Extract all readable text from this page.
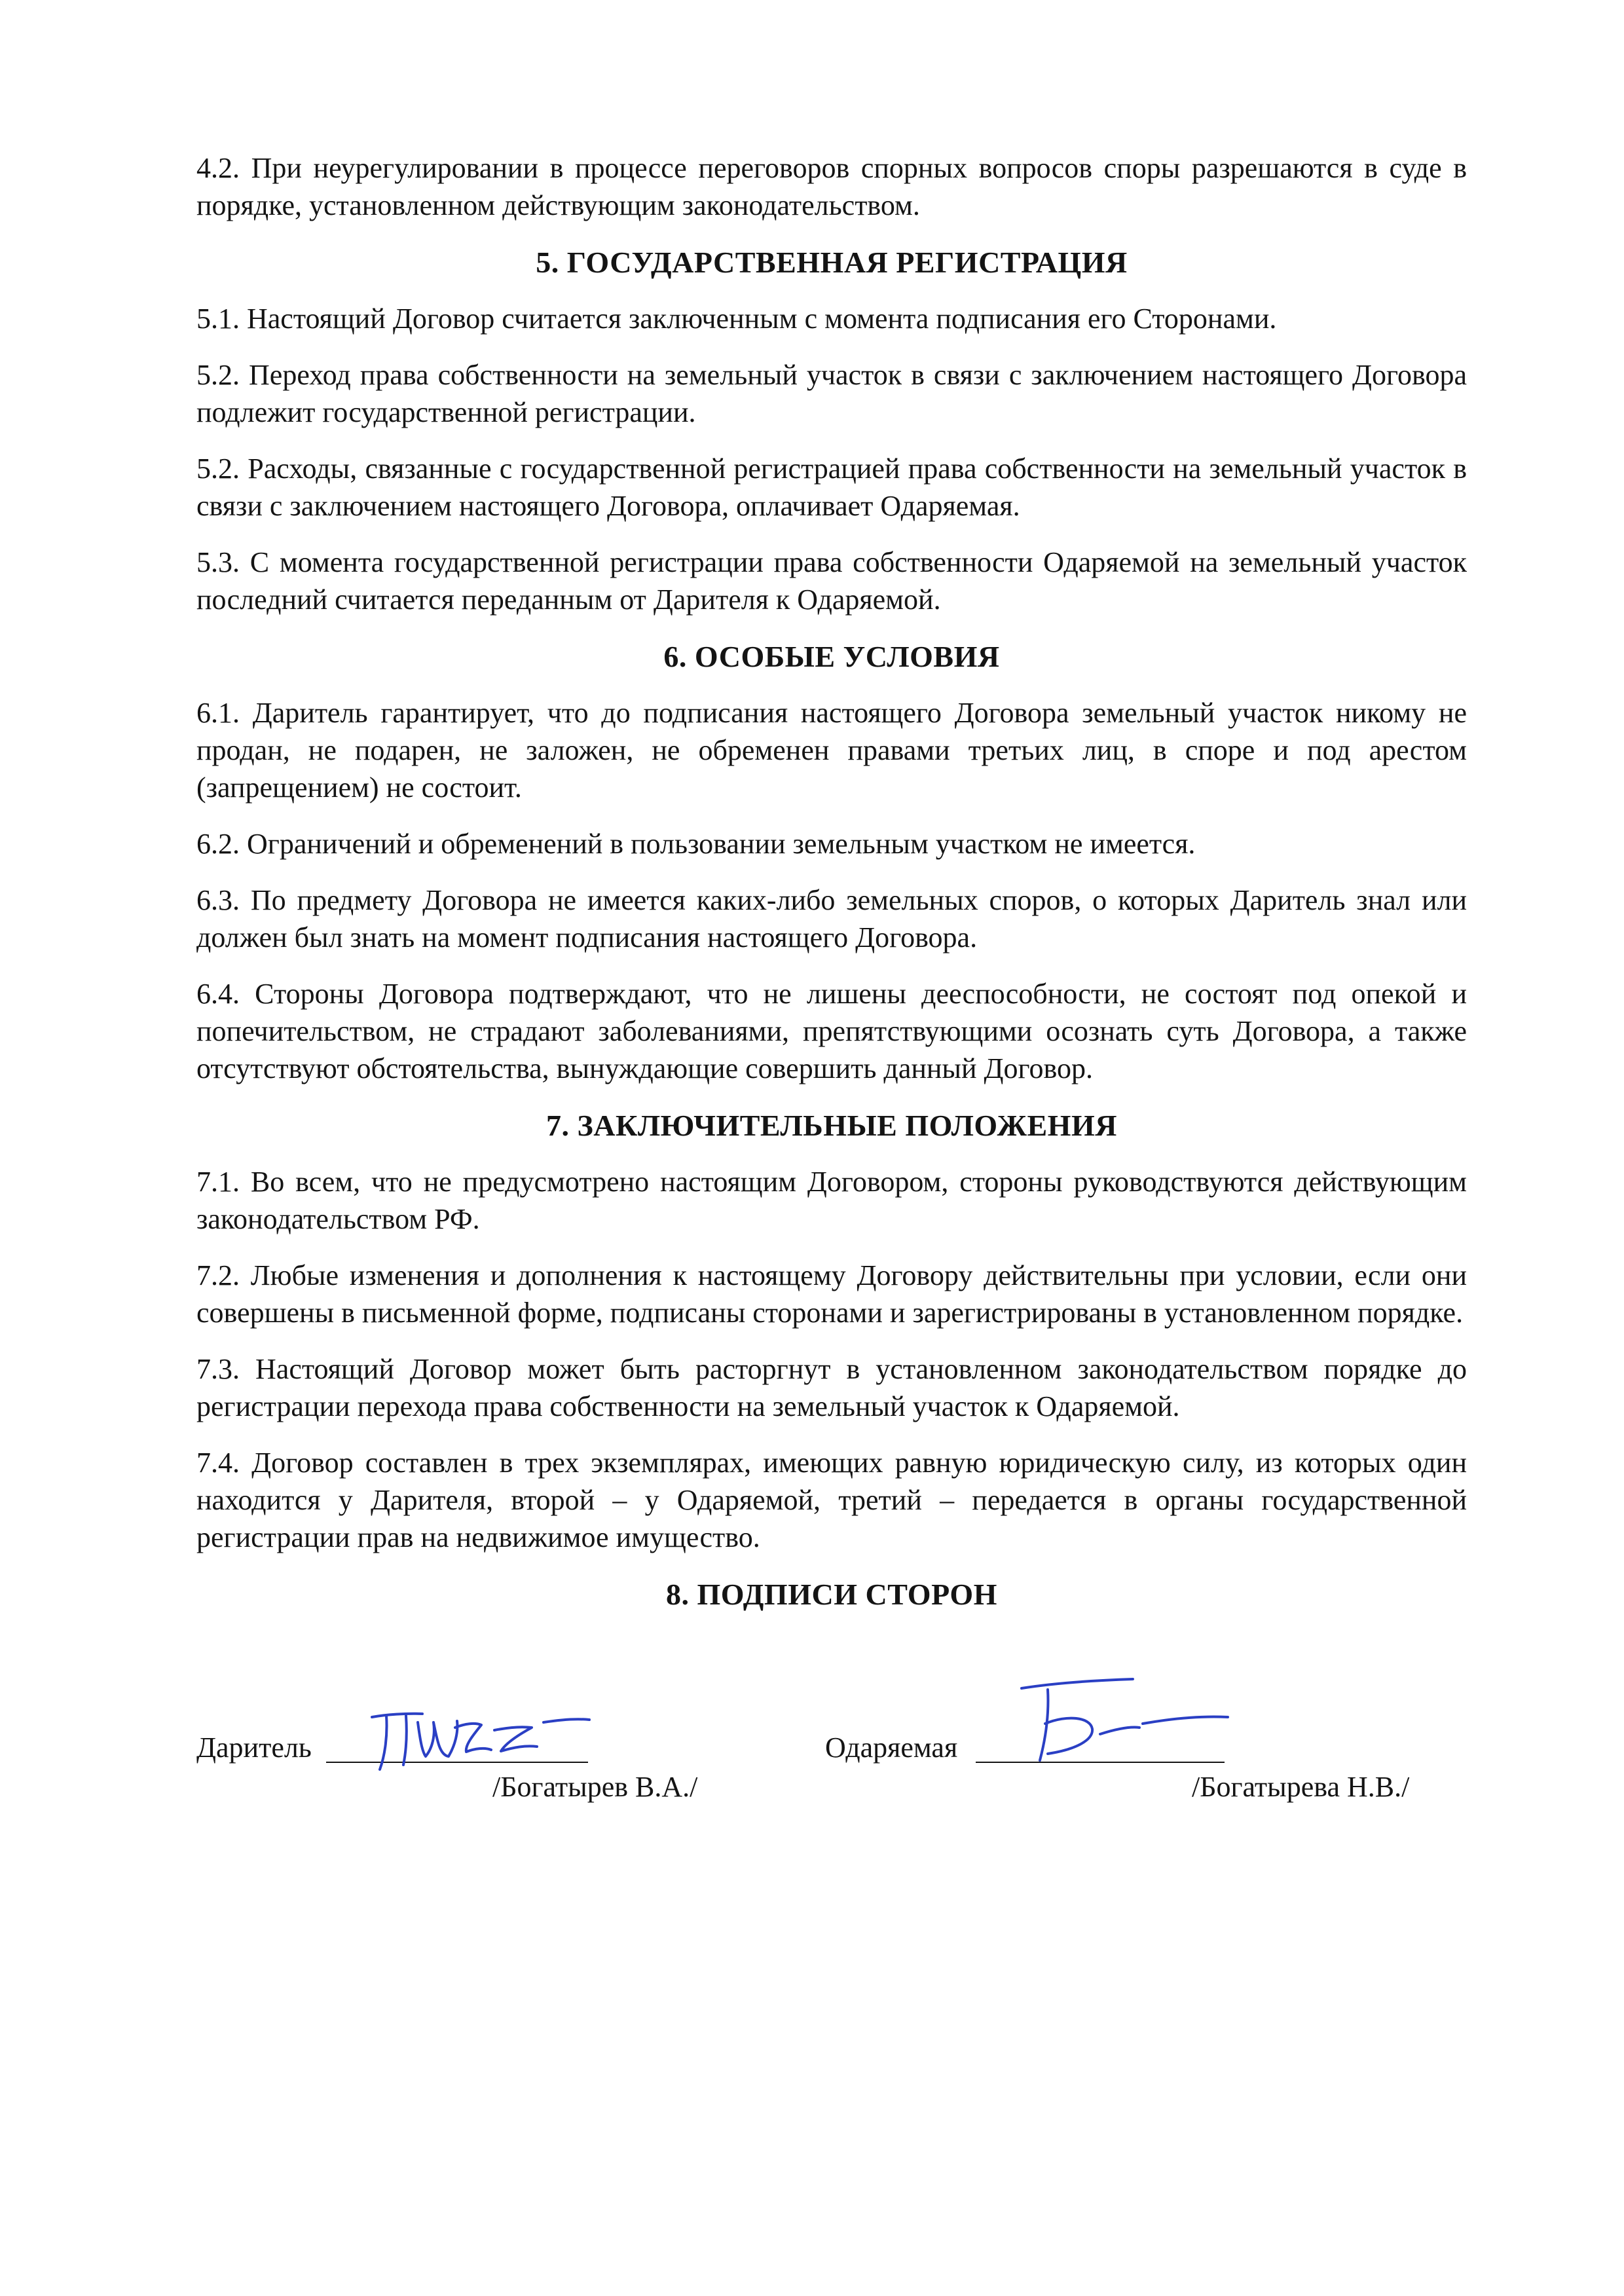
4.2. При неурегулировании в процессе переговоров спорных вопросов споры разрешаются в суде в порядке, установленном действующим законодательством.

5. ГОСУДАРСТВЕННАЯ РЕГИСТРАЦИЯ

5.1. Настоящий Договор считается заключенным с момента подписания его Сторонами.

5.2. Переход права собственности на земельный участок в связи с заключением настоящего Договора подлежит государственной регистрации.

5.2. Расходы, связанные с государственной регистрацией права собственности на земельный участок в связи с заключением настоящего Договора, оплачивает Одаряемая.

5.3. С момента государственной регистрации права собственности Одаряемой на земельный участок последний считается переданным от Дарителя к Одаряемой.

6. ОСОБЫЕ УСЛОВИЯ

6.1. Даритель гарантирует, что до подписания настоящего Договора земельный участок никому не продан, не подарен, не заложен, не обременен правами третьих лиц, в споре и под арестом (запрещением) не состоит.

6.2. Ограничений и обременений в пользовании земельным участком не имеется.

6.3. По предмету Договора не имеется каких-либо земельных споров, о которых Даритель знал или должен был знать на момент подписания настоящего Договора.

6.4. Стороны Договора подтверждают, что не лишены дееспособности, не состоят под опекой и попечительством, не страдают заболеваниями, препятствующими осознать суть Договора, а также отсутствуют обстоятельства, вынуждающие совершить данный Договор.

7. ЗАКЛЮЧИТЕЛЬНЫЕ ПОЛОЖЕНИЯ

7.1. Во всем, что не предусмотрено настоящим Договором, стороны руководствуются действующим законодательством РФ.

7.2. Любые изменения и дополнения к настоящему Договору действительны при условии, если они совершены в письменной форме, подписаны сторонами и зарегистрированы в установленном порядке.

7.3. Настоящий Договор может быть расторгнут в установленном законодательством порядке до регистрации перехода права собственности на земельный участок к Одаряемой.

7.4. Договор составлен в трех экземплярах, имеющих равную юридическую силу, из которых один находится у Дарителя, второй – у Одаряемой, третий – передается в органы государственной регистрации прав на недвижимое имущество.

8. ПОДПИСИ СТОРОН
Даритель
/Богатырев В.А./
Одаряемая
/Богатырева Н.В./
